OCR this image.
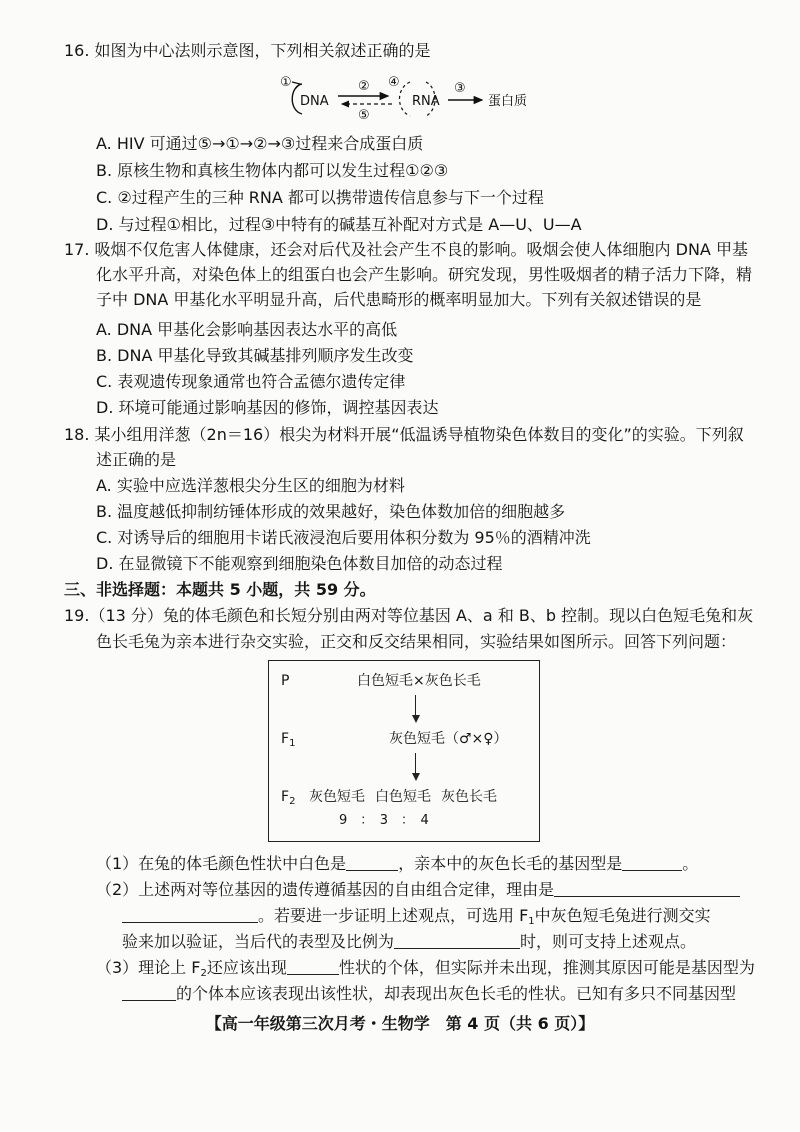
16. 如图为中心法则示意图，下列相关叙述正确的是
①
DNA
②
⑤
④
RNA
③
蛋白质
A. HIV 可通过⑤→①→②→③过程来合成蛋白质
B. 原核生物和真核生物体内都可以发生过程①②③
C. ②过程产生的三种 RNA 都可以携带遗传信息参与下一个过程
D. 与过程①相比，过程③中特有的碱基互补配对方式是 A—U、U—A
17. 吸烟不仅危害人体健康，还会对后代及社会产生不良的影响。吸烟会使人体细胞内 DNA 甲基
化水平升高，对染色体上的组蛋白也会产生影响。研究发现，男性吸烟者的精子活力下降，精
子中 DNA 甲基化水平明显升高，后代患畸形的概率明显加大。下列有关叙述错误的是
A. DNA 甲基化会影响基因表达水平的高低
B. DNA 甲基化导致其碱基排列顺序发生改变
C. 表观遗传现象通常也符合孟德尔遗传定律
D. 环境可能通过影响基因的修饰，调控基因表达
18. 某小组用洋葱（2n＝16）根尖为材料开展“低温诱导植物染色体数目的变化”的实验。下列叙
述正确的是
A. 实验中应选洋葱根尖分生区的细胞为材料
B. 温度越低抑制纺锤体形成的效果越好，染色体数加倍的细胞越多
C. 对诱导后的细胞用卡诺氏液浸泡后要用体积分数为 95％的酒精冲洗
D. 在显微镜下不能观察到细胞染色体数目加倍的动态过程
三、非选择题：本题共 5 小题，共 59 分。
19.（13 分）兔的体毛颜色和长短分别由两对等位基因 A、a 和 B、b 控制。现以白色短毛兔和灰
色长毛兔为亲本进行杂交实验，正交和反交结果相同，实验结果如图所示。回答下列问题：
P	白色短毛×灰色长毛
$F_1$	灰色短毛（♂×♀）
$F_2$ 灰色短毛 白色短毛 灰色长毛
9　：　3　：　4
（1）在兔的体毛颜色性状中白色是	，亲本中的灰色长毛的基因型是	。
（2）上述两对等位基因的遗传遵循基因的自由组合定律，理由是
。若要进一步证明上述观点，可选用 $F_1$中灰色短毛兔进行测交实
验来加以验证，当后代的表型及比例为	时，则可支持上述观点。
（3）理论上 $F_2$还应该出现	性状的个体，但实际并未出现，推测其原因可能是基因型为
的个体本应该表现出该性状，却表现出灰色长毛的性状。已知有多只不同基因型
【高一年级第三次月考・生物学　第 4 页（共 6 页）】
